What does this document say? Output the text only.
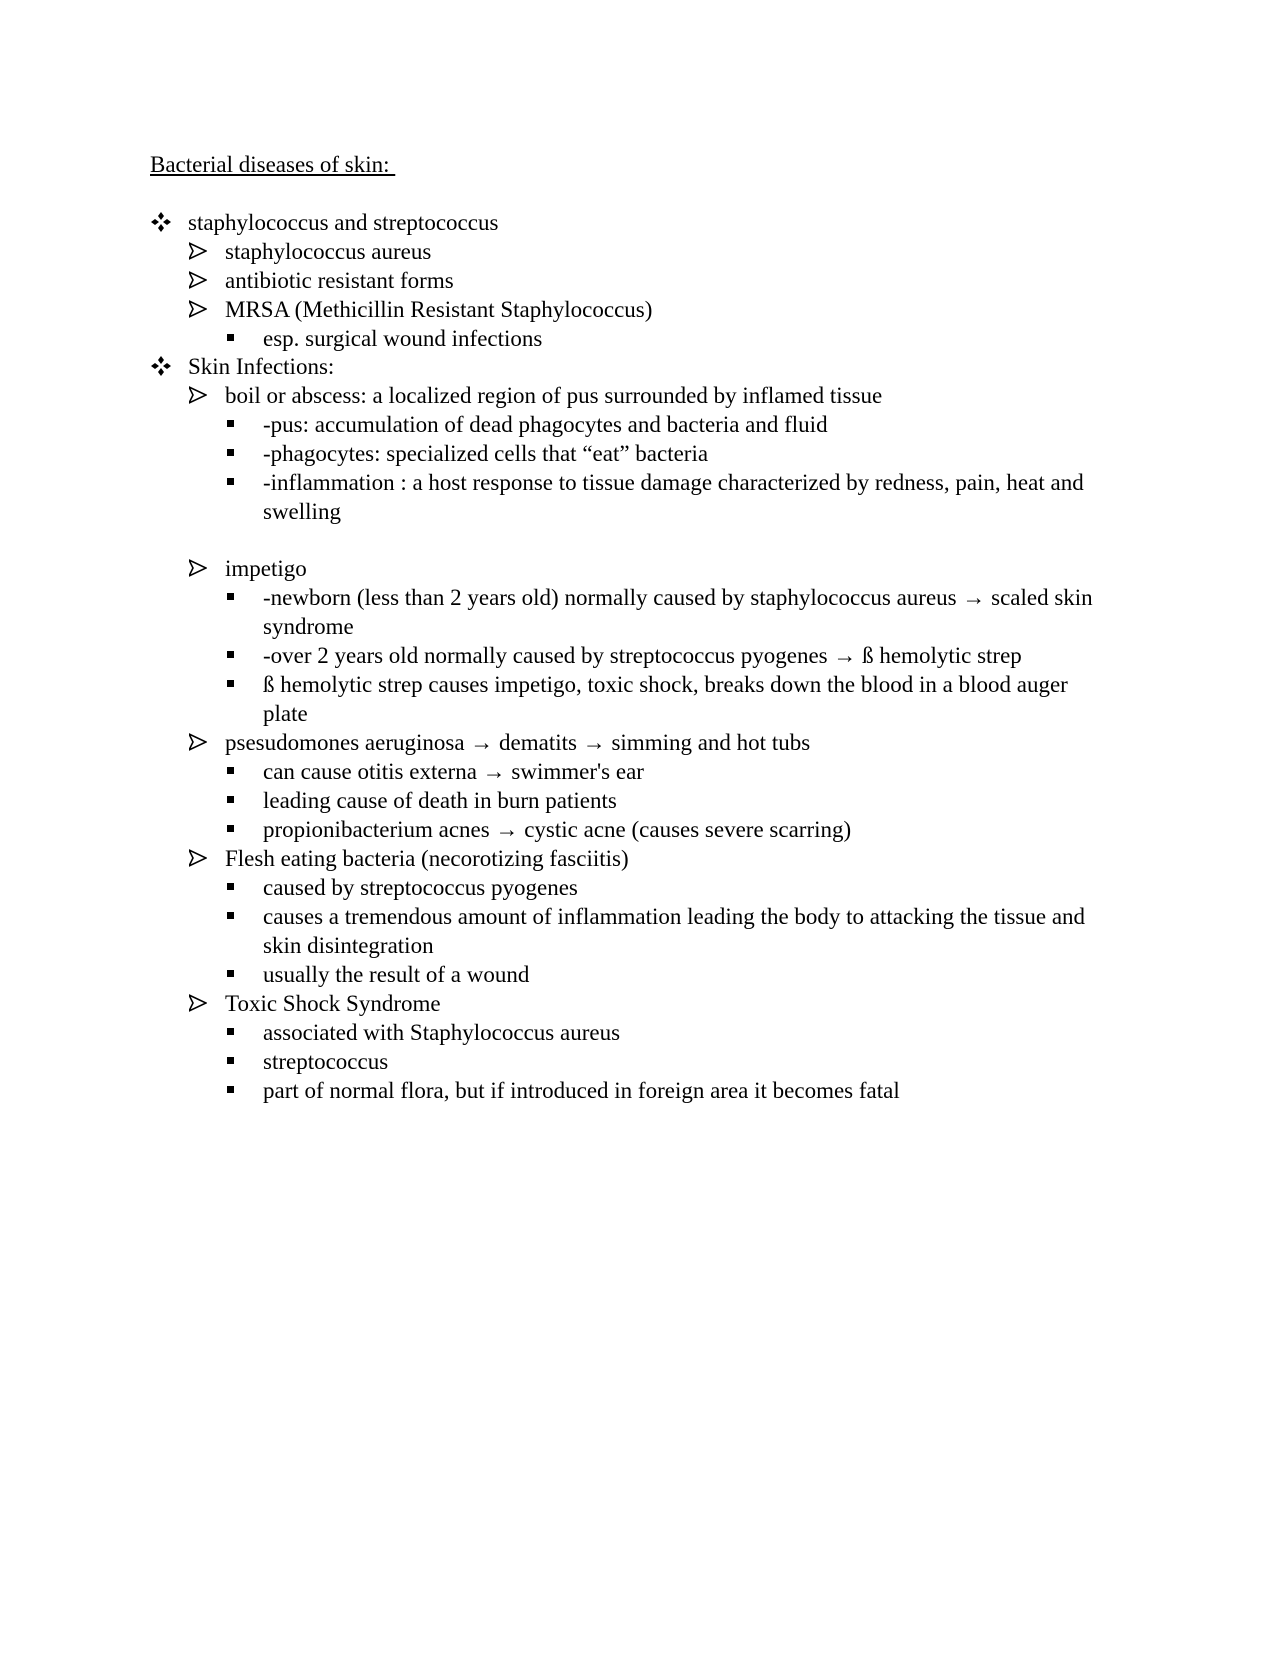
Bacterial diseases of skin:
staphylococcus and streptococcus
staphylococcus aureus
antibiotic resistant forms
MRSA (Methicillin Resistant Staphylococcus)
esp. surgical wound infections
Skin Infections:
boil or abscess: a localized region of pus surrounded by inflamed tissue
-pus: accumulation of dead phagocytes and bacteria and fluid
-phagocytes: specialized cells that “eat” bacteria
-inflammation : a host response to tissue damage characterized by redness, pain, heat and swelling
impetigo
-newborn (less than 2 years old) normally caused by staphylococcus aureus → scaled skin syndrome
-over 2 years old normally caused by streptococcus pyogenes → ß hemolytic strep
ß hemolytic strep causes impetigo, toxic shock, breaks down the blood in a blood auger plate
psesudomones aeruginosa → dematits → simming and hot tubs
can cause otitis externa → swimmer's ear
leading cause of death in burn patients
propionibacterium acnes → cystic acne (causes severe scarring)
Flesh eating bacteria (necorotizing fasciitis)
caused by streptococcus pyogenes
causes a tremendous amount of inflammation leading the body to attacking the tissue and skin disintegration
usually the result of a wound
Toxic Shock Syndrome
associated with Staphylococcus aureus
streptococcus
part of normal flora, but if introduced in foreign area it becomes fatal
